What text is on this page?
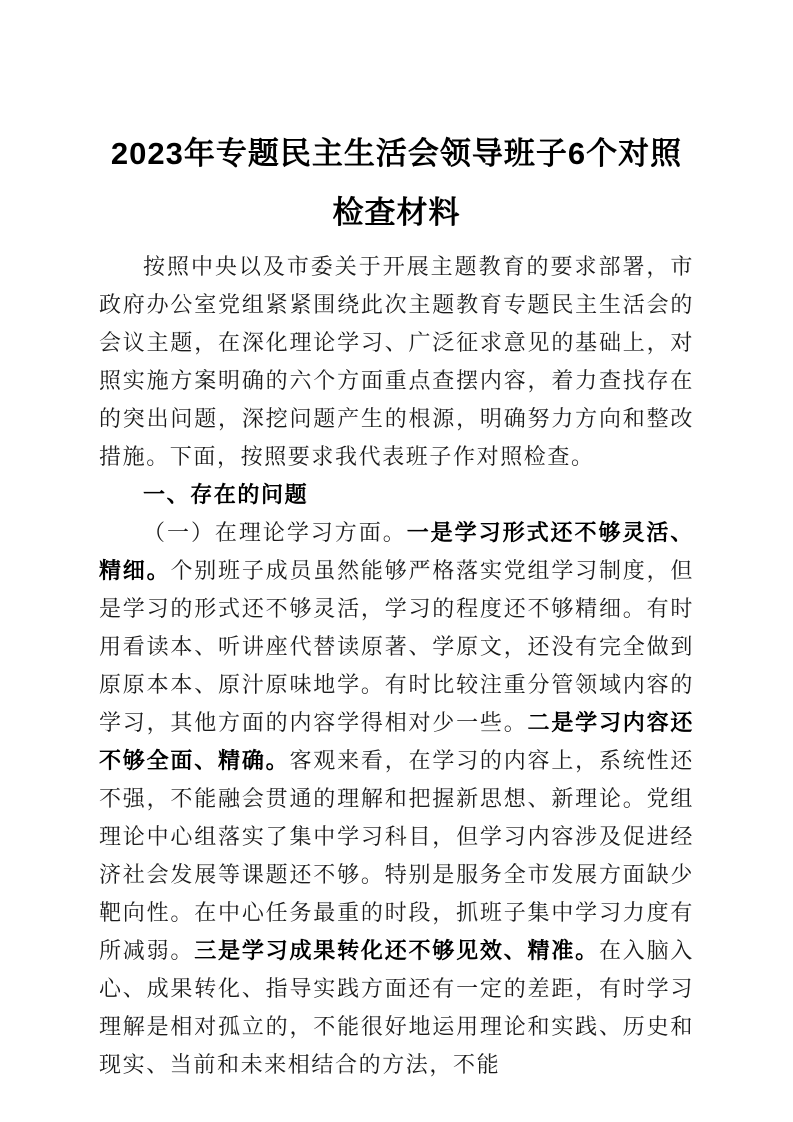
2023年专题民主生活会领导班子6个对照检查材料

按照中央以及市委关于开展主题教育的要求部署，市政府办公室党组紧紧围绕此次主题教育专题民主生活会的会议主题，在深化理论学习、广泛征求意见的基础上，对照实施方案明确的六个方面重点查摆内容，着力查找存在的突出问题，深挖问题产生的根源，明确努力方向和整改措施。下面，按照要求我代表班子作对照检查。

一、存在的问题

（一）在理论学习方面。一是学习形式还不够灵活、精细。个别班子成员虽然能够严格落实党组学习制度，但是学习的形式还不够灵活，学习的程度还不够精细。有时用看读本、听讲座代替读原著、学原文，还没有完全做到原原本本、原汁原味地学。有时比较注重分管领域内容的学习，其他方面的内容学得相对少一些。二是学习内容还不够全面、精确。客观来看，在学习的内容上，系统性还不强，不能融会贯通的理解和把握新思想、新理论。党组理论中心组落实了集中学习科目，但学习内容涉及促进经济社会发展等课题还不够。特别是服务全市发展方面缺少靶向性。在中心任务最重的时段，抓班子集中学习力度有所减弱。三是学习成果转化还不够见效、精准。在入脑入心、成果转化、指导实践方面还有一定的差距，有时学习理解是相对孤立的，不能很好地运用理论和实践、历史和现实、当前和未来相结合的方法，不能
